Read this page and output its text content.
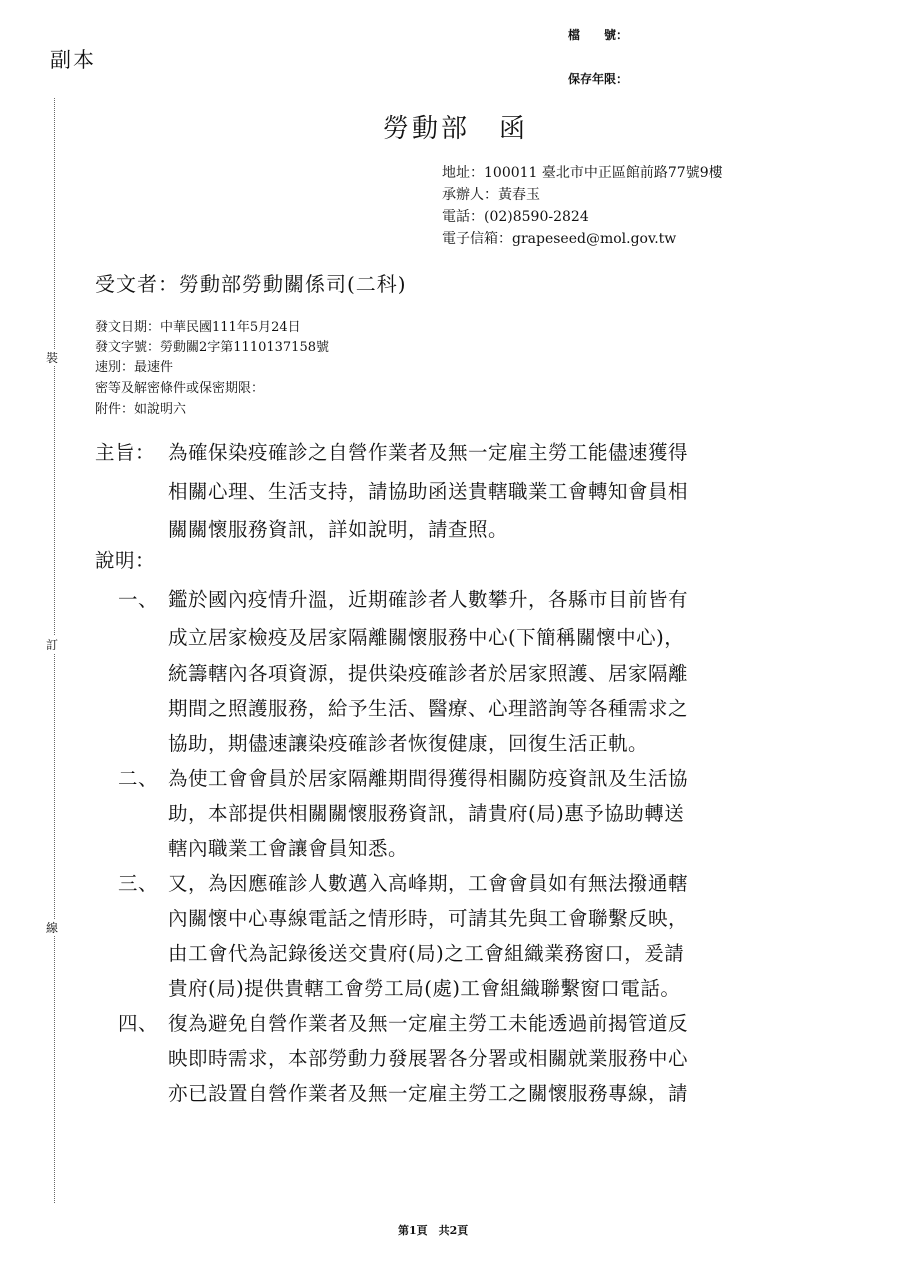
副本
檔　　號：
保存年限：
勞動部　函
地址：100011 臺北市中正區館前路77號9樓
承辦人：黃春玉
電話：(02)8590-2824
電子信箱：grapeseed@mol.gov.tw
受文者：勞動部勞動關係司(二科)
發文日期：中華民國111年5月24日
發文字號：勞動關2字第1110137158號
速別：最速件
密等及解密條件或保密期限：
附件：如說明六
裝
訂
線
主旨： 為確保染疫確診之自營作業者及無一定雇主勞工能儘速獲得
相關心理、生活支持，請協助函送貴轄職業工會轉知會員相
關關懷服務資訊，詳如說明，請查照。
說明：
一、 鑑於國內疫情升溫，近期確診者人數攀升，各縣市目前皆有
成立居家檢疫及居家隔離關懷服務中心(下簡稱關懷中心)，
統籌轄內各項資源，提供染疫確診者於居家照護、居家隔離
期間之照護服務，給予生活、醫療、心理諮詢等各種需求之
協助，期儘速讓染疫確診者恢復健康，回復生活正軌。
二、 為使工會會員於居家隔離期間得獲得相關防疫資訊及生活協
助，本部提供相關關懷服務資訊，請貴府(局)惠予協助轉送
轄內職業工會讓會員知悉。
三、 又，為因應確診人數邁入高峰期，工會會員如有無法撥通轄
內關懷中心專線電話之情形時，可請其先與工會聯繫反映，
由工會代為記錄後送交貴府(局)之工會組織業務窗口，爰請
貴府(局)提供貴轄工會勞工局(處)工會組織聯繫窗口電話。
四、 復為避免自營作業者及無一定雇主勞工未能透過前揭管道反
映即時需求，本部勞動力發展署各分署或相關就業服務中心
亦已設置自營作業者及無一定雇主勞工之關懷服務專線，請
第1頁　共2頁
